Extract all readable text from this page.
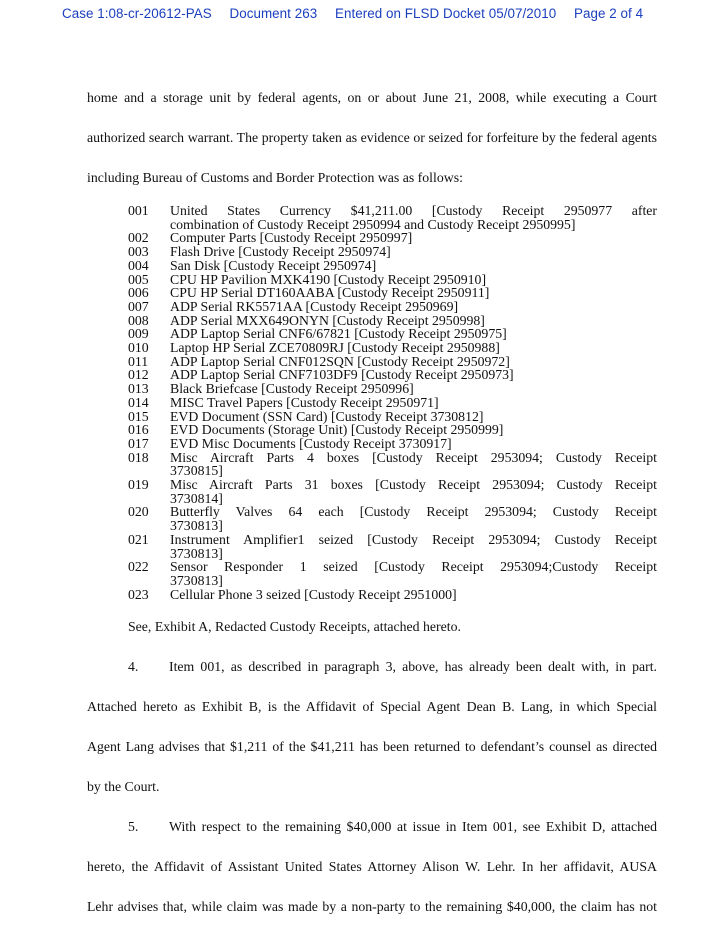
Case 1:08-cr-20612-PAS Document 263 Entered on FLSD Docket 05/07/2010 Page 2 of 4

home and a storage unit by federal agents, on or about June 21, 2008, while executing a Court

authorized search warrant. The property taken as evidence or seized for forfeiture by the federal agents

including Bureau of Customs and Border Protection was as follows:

001	United States Currency $41,211.00 [Custody Receipt 2950977 after
combination of Custody Receipt 2950994 and Custody Receipt 2950995]
002	Computer Parts [Custody Receipt 2950997]
003	Flash Drive [Custody Receipt 2950974]
004	San Disk [Custody Receipt 2950974]
005	CPU HP Pavilion MXK4190 [Custody Receipt 2950910]
006	CPU HP Serial DT160AABA [Custody Receipt 2950911]
007	ADP Serial RK5571AA [Custody Receipt 2950969]
008	ADP Serial MXX649ONYN [Custody Receipt 2950998]
009	ADP Laptop Serial CNF6/67821 [Custody Receipt 2950975]
010	Laptop HP Serial ZCE70809RJ [Custody Receipt 2950988]
011	ADP Laptop Serial CNF012SQN [Custody Receipt 2950972]
012	ADP Laptop Serial CNF7103DF9 [Custody Receipt 2950973]
013	Black Briefcase [Custody Receipt 2950996]
014	MISC Travel Papers [Custody Receipt 2950971]
015	EVD Document (SSN Card) [Custody Receipt 3730812]
016	EVD Documents (Storage Unit) [Custody Receipt 2950999]
017	EVD Misc Documents [Custody Receipt 3730917]
018	Misc Aircraft Parts 4 boxes [Custody Receipt 2953094; Custody Receipt
3730815]
019	Misc Aircraft Parts 31 boxes [Custody Receipt 2953094; Custody Receipt
3730814]
020	Butterfly Valves 64 each [Custody Receipt 2953094; Custody Receipt
3730813]
021	Instrument Amplifier1 seized [Custody Receipt 2953094; Custody Receipt
3730813]
022	Sensor Responder 1 seized [Custody Receipt 2953094;Custody Receipt
3730813]
023	Cellular Phone 3 seized [Custody Receipt 2951000]

See, Exhibit A, Redacted Custody Receipts, attached hereto.

4. Item 001, as described in paragraph 3, above, has already been dealt with, in part.

Attached hereto as Exhibit B, is the Affidavit of Special Agent Dean B. Lang, in which Special

Agent Lang advises that $1,211 of the $41,211 has been returned to defendant’s counsel as directed

by the Court.

5. With respect to the remaining $40,000 at issue in Item 001, see Exhibit D, attached

hereto, the Affidavit of Assistant United States Attorney Alison W. Lehr. In her affidavit, AUSA

Lehr advises that, while claim was made by a non-party to the remaining $40,000, the claim has not
